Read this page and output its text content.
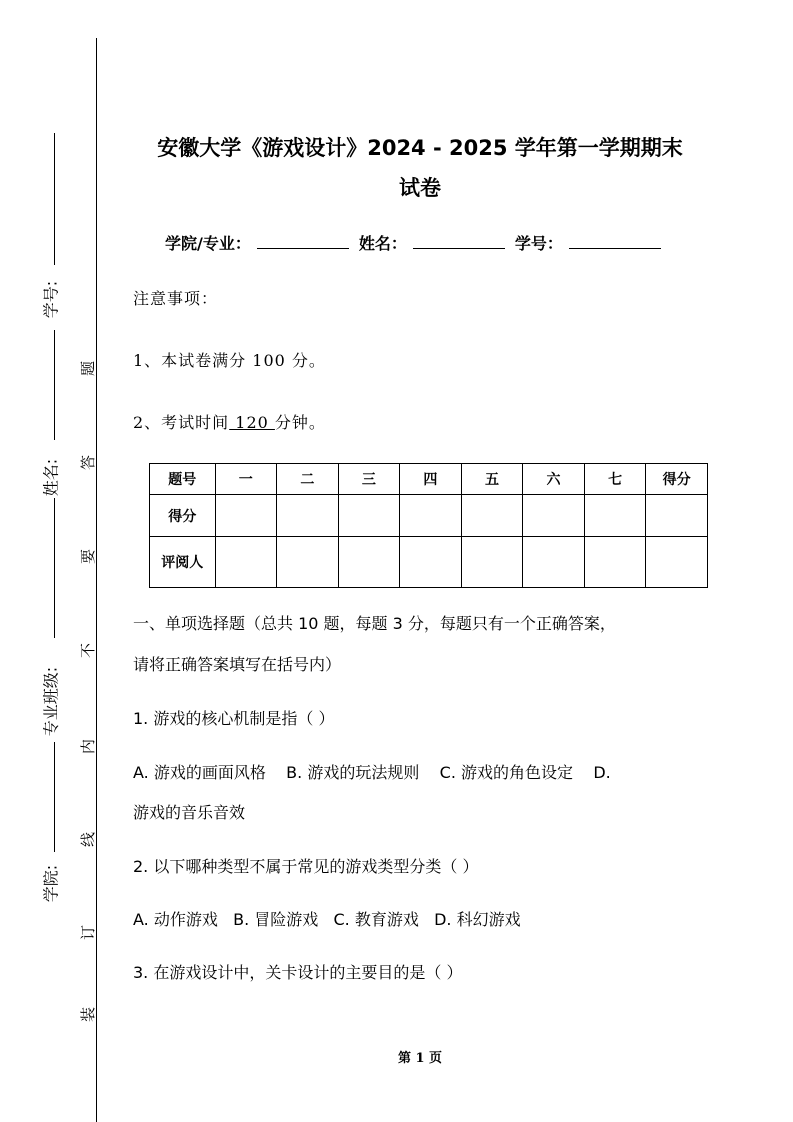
学号:
姓名:
专业班级:
学院:
题
答
要
不
内
线
订
装
安徽大学《游戏设计》2024 - 2025 学年第一学期期末
试卷
学院/专业：	姓名：	学号：
注意事项：
1、本试卷满分 100 分。
2、考试时间 120 分钟。
题号	一	二	三	四	五	六	七	得分
得分								
评阅人								
一、单项选择题（总共 10 题，每题 3 分，每题只有一个正确答案，
请将正确答案填写在括号内）
1. 游戏的核心机制是指（ ）
A. 游戏的画面风格    B. 游戏的玩法规则    C. 游戏的角色设定    D.
游戏的音乐音效
2. 以下哪种类型不属于常见的游戏类型分类（ ）
A. 动作游戏   B. 冒险游戏   C. 教育游戏   D. 科幻游戏
3. 在游戏设计中，关卡设计的主要目的是（ ）
第 1 页
